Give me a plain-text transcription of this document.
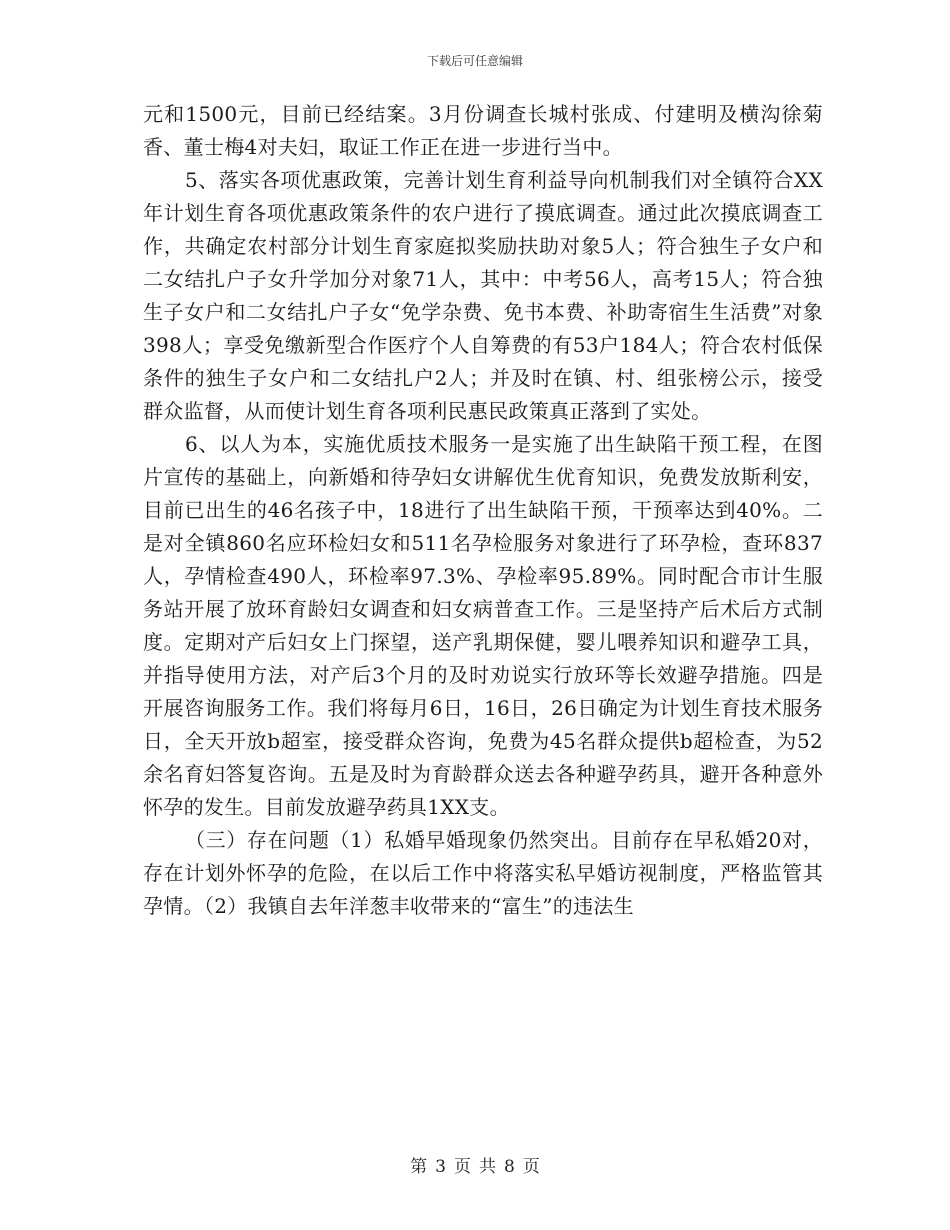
下载后可任意编辑

元和1500元，目前已经结案。3月份调查长城村张成、付建明及横沟徐菊香、董士梅4对夫妇，取证工作正在进一步进行当中。

5、落实各项优惠政策，完善计划生育利益导向机制我们对全镇符合XX年计划生育各项优惠政策条件的农户进行了摸底调查。通过此次摸底调查工作，共确定农村部分计划生育家庭拟奖励扶助对象5人；符合独生子女户和二女结扎户子女升学加分对象71人，其中：中考56人，高考15人；符合独生子女户和二女结扎户子女“免学杂费、免书本费、补助寄宿生生活费”对象398人；享受免缴新型合作医疗个人自筹费的有53户184人；符合农村低保条件的独生子女户和二女结扎户2人；并及时在镇、村、组张榜公示，接受群众监督，从而使计划生育各项利民惠民政策真正落到了实处。

6、以人为本，实施优质技术服务一是实施了出生缺陷干预工程，在图片宣传的基础上，向新婚和待孕妇女讲解优生优育知识，免费发放斯利安，目前已出生的46名孩子中，18进行了出生缺陷干预，干预率达到40%。二是对全镇860名应环检妇女和511名孕检服务对象进行了环孕检，查环837人，孕情检查490人，环检率97.3%、孕检率95.89%。同时配合市计生服务站开展了放环育龄妇女调查和妇女病普查工作。三是坚持产后术后方式制度。定期对产后妇女上门探望，送产乳期保健，婴儿喂养知识和避孕工具，并指导使用方法，对产后3个月的及时劝说实行放环等长效避孕措施。四是开展咨询服务工作。我们将每月6日，16日，26日确定为计划生育技术服务日，全天开放b超室，接受群众咨询，免费为45名群众提供b超检查，为52余名育妇答复咨询。五是及时为育龄群众送去各种避孕药具，避开各种意外怀孕的发生。目前发放避孕药具1XX支。

（三）存在问题（1）私婚早婚现象仍然突出。目前存在早私婚20对，存在计划外怀孕的危险，在以后工作中将落实私早婚访视制度，严格监管其孕情。（2）我镇自去年洋葱丰收带来的“富生”的违法生

第 3 页 共 8 页
